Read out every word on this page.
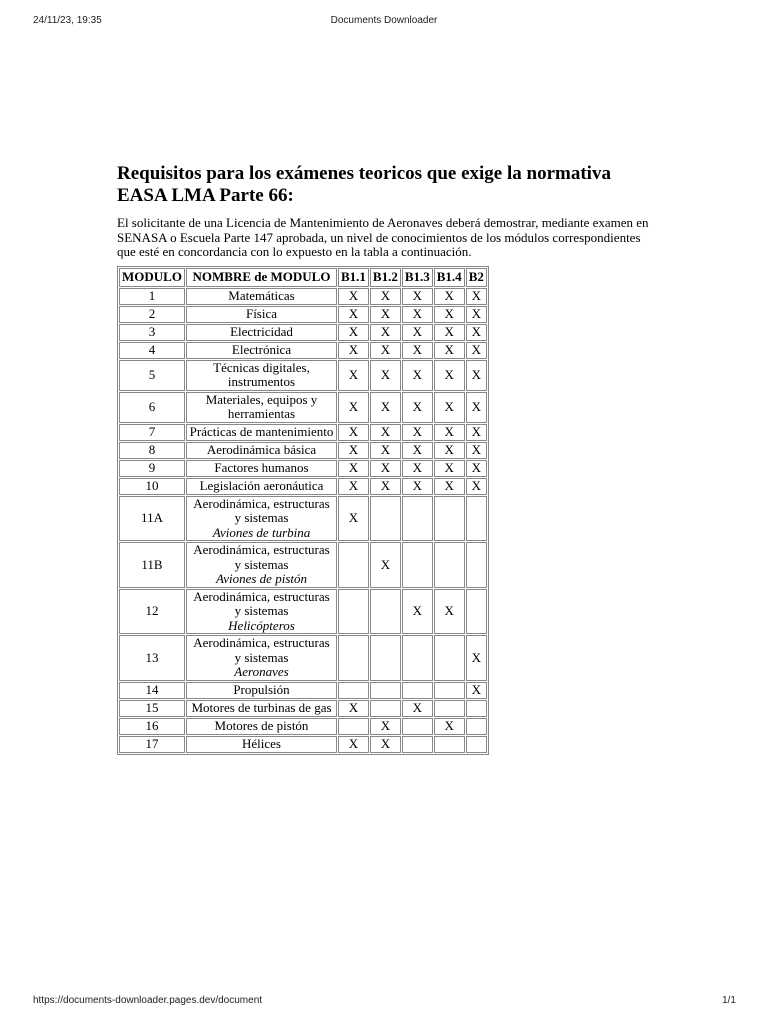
24/11/23, 19:35	Documents Downloader
Requisitos para los exámenes teoricos que exige la normativa EASA LMA Parte 66:

El solicitante de una Licencia de Mantenimiento de Aeronaves deberá demostrar, mediante examen en SENASA o Escuela Parte 147 aprobada, un nivel de conocimientos de los módulos correspondientes que esté en concordancia con lo expuesto en la tabla a continuación.

MODULO	NOMBRE de MODULO	B1.1	B1.2	B1.3	B1.4	B2
1	Matemáticas	X	X	X	X	X
2	Física	X	X	X	X	X
3	Electricidad	X	X	X	X	X
4	Electrónica	X	X	X	X	X
5	Técnicas digitales, instrumentos	X	X	X	X	X
6	Materiales, equipos y herramientas	X	X	X	X	X
7	Prácticas de mantenimiento	X	X	X	X	X
8	Aerodinámica básica	X	X	X	X	X
9	Factores humanos	X	X	X	X	X
10	Legislación aeronáutica	X	X	X	X	X
11A	Aerodinámica, estructuras y sistemas
Aviones de turbina	X				
11B	Aerodinámica, estructuras y sistemas
Aviones de pistón		X			
12	Aerodinámica, estructuras y sistemas
Helicópteros			X	X	
13	Aerodinámica, estructuras y sistemas
Aeronaves					X
14	Propulsión					X
15	Motores de turbinas de gas	X		X		
16	Motores de pistón		X		X	
17	Hélices	X	X			
https://documents-downloader.pages.dev/document	1/1
